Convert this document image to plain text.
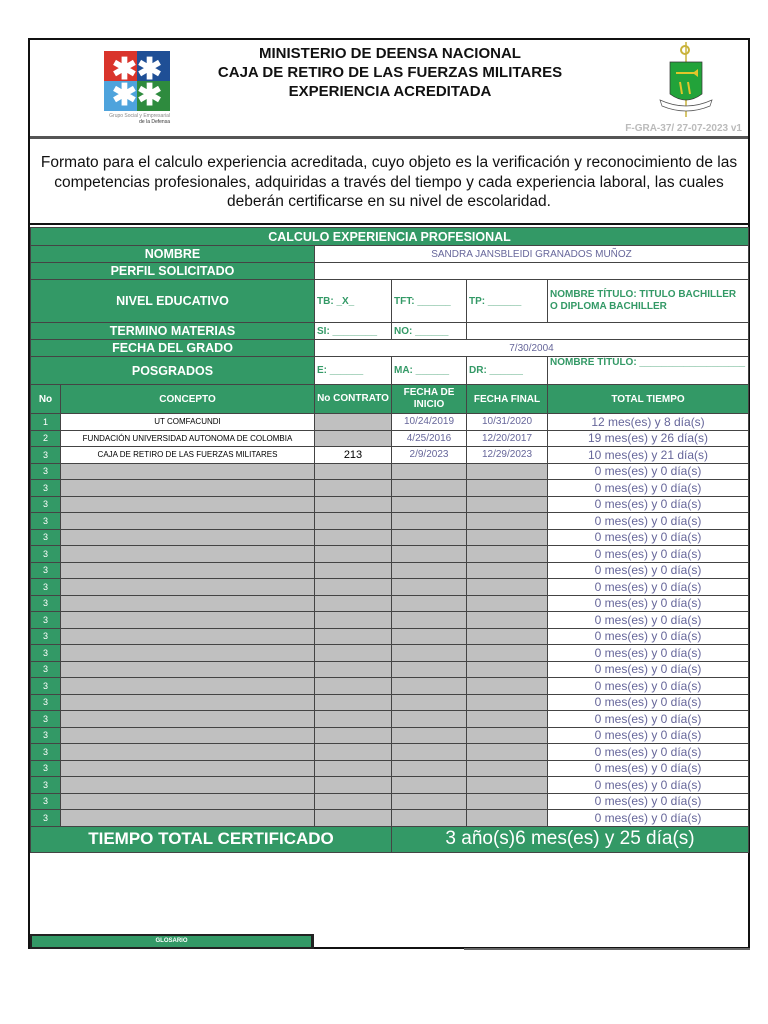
✱✱
✱✱
Grupo Social y Empresarial
de la Defensa
MINISTERIO DE DEENSA NACIONAL
CAJA DE RETIRO DE LAS FUERZAS MILITARES
EXPERIENCIA ACREDITADA
F-GRA-37/ 27-07-2023 v1
Formato para el calculo experiencia acreditada, cuyo objeto es la verificación y reconocimiento de las competencias profesionales, adquiridas a través del tiempo y cada experiencia laboral, las cuales deberán certificarse en su nivel de escolaridad.
CALCULO EXPERIENCIA PROFESIONAL					
NOMBRE		SANDRA JANSBLEIDI GRANADOS MUÑOZ			
PERFIL SOLICITADO					
NIVEL EDUCATIVO		TB: _X_	TFT: ______	TP: ______	NOMBRE TÍTULO: TITULO BACHILLER O DIPLOMA BACHILLER
TERMINO MATERIAS		SI: ________	NO: ______		
FECHA DEL GRADO		7/30/2004			
POSGRADOS		E: ______	MA: ______	DR: ______	NOMBRE TÍTULO: ___________________
No	CONCEPTO	No CONTRATO	FECHA DE INICIO	FECHA FINAL	TOTAL TIEMPO
1	UT COMFACUNDI		10/24/2019	10/31/2020	12 mes(es) y 8 día(s)
2	FUNDACIÓN UNIVERSIDAD AUTONOMA DE COLOMBIA		4/25/2016	12/20/2017	19 mes(es) y 26 día(s)
3	CAJA DE RETIRO DE LAS FUERZAS MILITARES	213	2/9/2023	12/29/2023	10 mes(es) y 21 día(s)
3					0 mes(es) y 0 día(s)
3					0 mes(es) y 0 día(s)
3					0 mes(es) y 0 día(s)
3					0 mes(es) y 0 día(s)
3					0 mes(es) y 0 día(s)
3					0 mes(es) y 0 día(s)
3					0 mes(es) y 0 día(s)
3					0 mes(es) y 0 día(s)
3					0 mes(es) y 0 día(s)
3					0 mes(es) y 0 día(s)
3					0 mes(es) y 0 día(s)
3					0 mes(es) y 0 día(s)
3					0 mes(es) y 0 día(s)
3					0 mes(es) y 0 día(s)
3					0 mes(es) y 0 día(s)
3					0 mes(es) y 0 día(s)
3					0 mes(es) y 0 día(s)
3					0 mes(es) y 0 día(s)
3					0 mes(es) y 0 día(s)
3					0 mes(es) y 0 día(s)
3					0 mes(es) y 0 día(s)
3					0 mes(es) y 0 día(s)
TIEMPO TOTAL CERTIFICADO			3 año(s)6 mes(es) y 25 día(s)		
GLOSARIO
